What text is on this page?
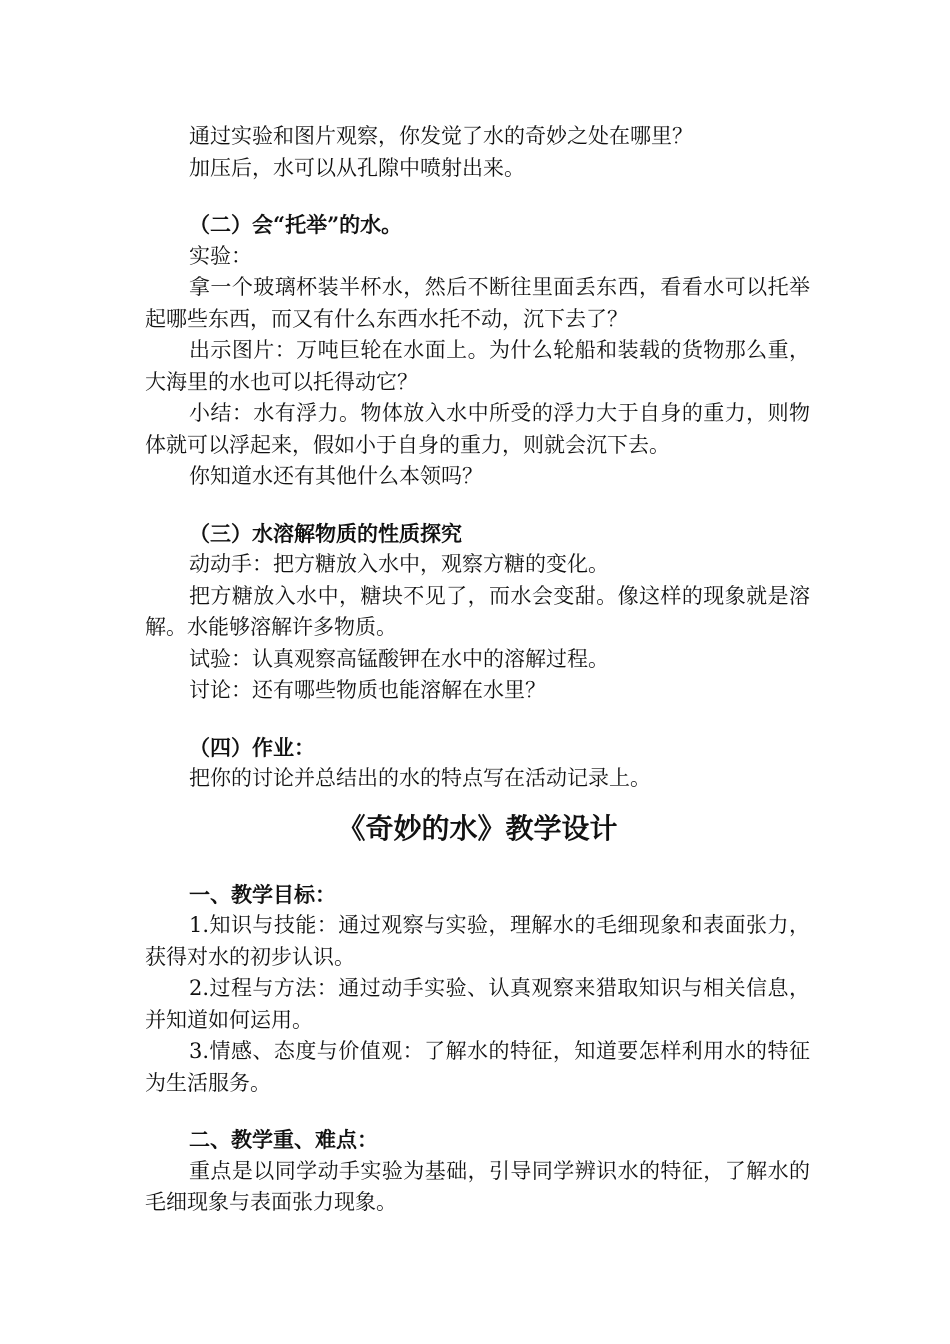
通过实验和图片观察，你发觉了水的奇妙之处在哪里？

加压后，水可以从孔隙中喷射出来。

（二）会“托举”的水。

实验：

拿一个玻璃杯装半杯水，然后不断往里面丢东西，看看水可以托举起哪些东西，而又有什么东西水托不动，沉下去了？

出示图片：万吨巨轮在水面上。为什么轮船和装载的货物那么重，大海里的水也可以托得动它？

小结：水有浮力。物体放入水中所受的浮力大于自身的重力，则物体就可以浮起来，假如小于自身的重力，则就会沉下去。

你知道水还有其他什么本领吗？

（三）水溶解物质的性质探究

动动手：把方糖放入水中，观察方糖的变化。

把方糖放入水中，糖块不见了，而水会变甜。像这样的现象就是溶解。水能够溶解许多物质。

试验：认真观察高锰酸钾在水中的溶解过程。

讨论：还有哪些物质也能溶解在水里？

（四）作业：

把你的讨论并总结出的水的特点写在活动记录上。

《奇妙的水》教学设计

一、教学目标：

1.知识与技能：通过观察与实验，理解水的毛细现象和表面张力，获得对水的初步认识。

2.过程与方法：通过动手实验、认真观察来猎取知识与相关信息，并知道如何运用。

3.情感、态度与价值观：了解水的特征，知道要怎样利用水的特征为生活服务。

二、教学重、难点：

重点是以同学动手实验为基础，引导同学辨识水的特征，了解水的毛细现象与表面张力现象。
